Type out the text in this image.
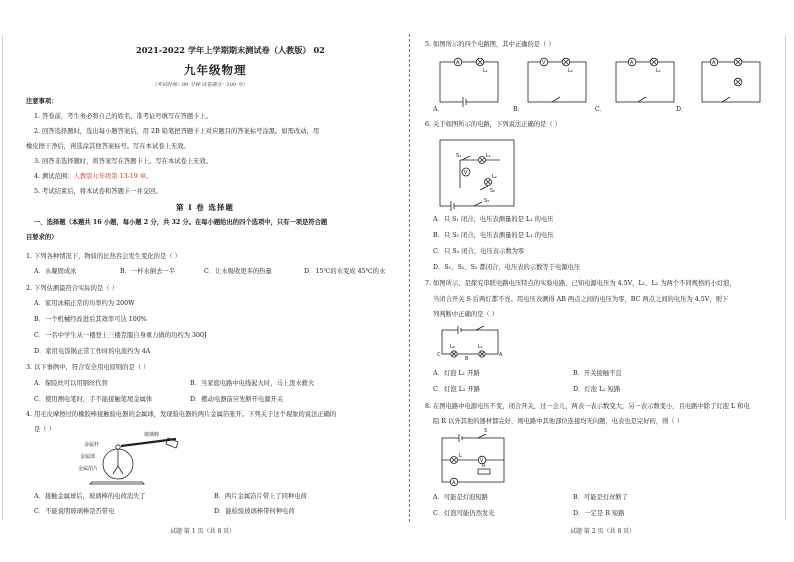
2021-2022 学年上学期期末测试卷（人教版） 02
九年级物理
（考试时间：90 分钟 试卷满分：100 分）
注意事项：
1. 答卷前，考生务必将自己的姓名、准考证号填写在答题卡上。
2. 回答选择题时，选出每小题答案后，用 2B 铅笔把答题卡上对应题目的答案标号涂黑。如需改动，用
橡皮擦干净后，再选涂其他答案标号。写在本试卷上无效。
3. 回答非选择题时，将答案写在答题卡上。写在本试卷上无效。
4. 测试范围：人教版九年级第 13-19 章。
5. 考试结束后，将本试卷和答题卡一并交回。
第 Ⅰ 卷 选择题
一、选择题（本题共 16 小题，每小题 2 分，共 32 分。在每小题给出的四个选项中，只有一项是符合题
目要求的）
1. 下列各种情况下，物质的比热容会发生变化的是（ ）
A．水凝固成冰	B．一杯水倒去一半	C．让水吸收更多的热量	D．15℃的水变成 45℃的水
2. 下列估测最符合实际的是（ ）
A．家用冰箱正常的功率约为 200W
B．一个机械经改进后其效率可达 100%
C．一名中学生从一楼登上三楼克服自身重力做的功约为 300J
D．家用电饭锅正常工作时的电流约为 4A
3. 以下事例中，符合安全用电原则的是（ ）
A．保险丝可以用钢丝代替	B．当家庭电路中电线起火时，马上泼水救火
C．使用测电笔时，手不能接触笔尾金属体	D．搬动电器前应先断开电源开关
4. 用毛皮摩擦过的橡胶棒接触验电器的金属球，发现验电器的两片金属箔张开。下列关于这个现象的说法正确的
是（ ）
金属杆
金属球
金属箔片
玻璃棒
A．接触金属球后，玻璃棒的电荷消失了	B．两片金属箔片带上了同种电荷
C．不能说明玻璃棒是否带电	D．能检验玻璃棒带何种电荷
5. 如图所示的四个电路图，其中正确的是（ ）
A
L₁
V
L₂
A
L₁
A
A．	B．	C．	D．
6. 关于如图所示的电路，下列说法正确的是（ ）
S₁	L₁
V
L₂
S₂
S₃
A．只 S₁ 闭合，电压表测量的是 L₁ 的电压
B．只 S₂ 闭合，电压表测量的是 L₁ 的电压
C．只 S₃ 闭合，电压表示数为零
D．S₁、S₂、S₃ 都闭合，电压表的示数等于电源电压
7. 如图所示，是探究串联电路电压特点的实验电路，已知电源电压为 4.5V，L₁、L₂ 为两个不同规格的小灯泡，
当闭合开关 S 后两灯都不亮。用电压表测得 AB 两点之间的电压为零，BC 两点之间的电压为 4.5V，则下
列判断中正确的是（ ）
C
L₂
B
L₁
A
A．灯泡 L₁ 开路	B．开关接触不良
C．灯泡 L₂ 开路	D．灯泡 L₂ 短路
8. 在图电路中电源电压不变，闭合开关，过一会儿，两表一表示数变大，另一表示数变小，且电路中除了灯泡 L 和电
阻 R 以外其他的器材都完好，则电路中其他部位连接均无问题，电表也是完好的，则（ ）
S
L
V
R
A
A．可能是灯泡短路	B．可能是灯丝断了
C．灯泡可能仍然发光	D．一定是 R 短路
试题 第 1 页（共 8 页）	试题 第 2 页（共 8 页）
